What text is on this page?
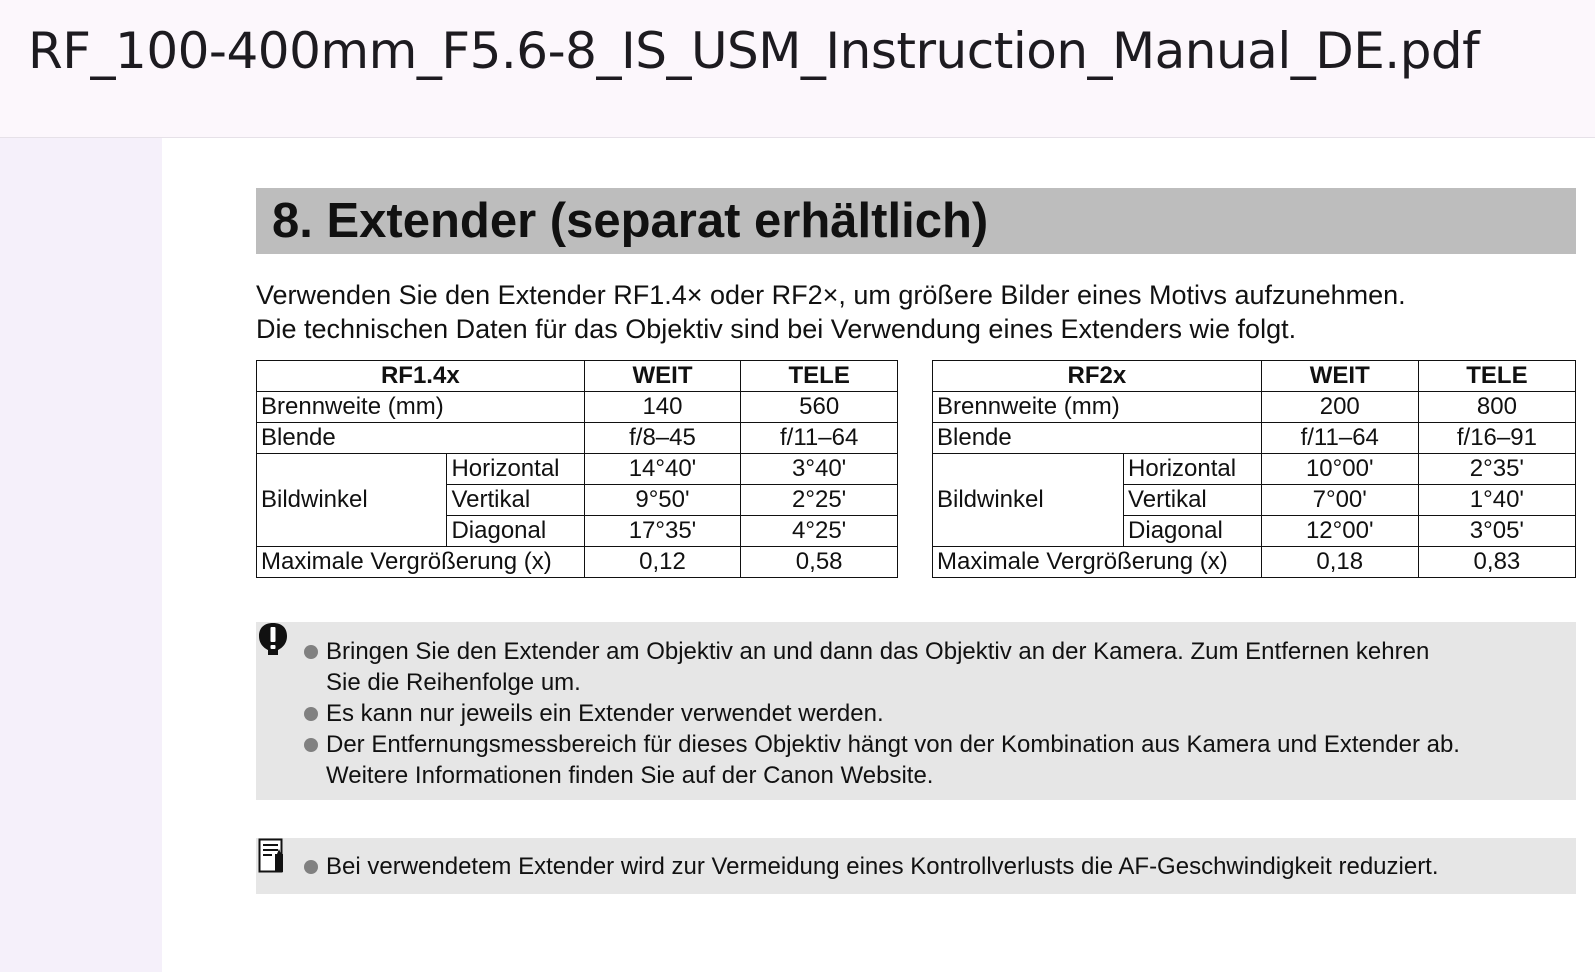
RF_100-400mm_F5.6-8_IS_USM_Instruction_Manual_DE.pdf
8. Extender (separat erhältlich)
Verwenden Sie den Extender RF1.4× oder RF2×, um größere Bilder eines Motivs aufzunehmen.
Die technischen Daten für das Objektiv sind bei Verwendung eines Extenders wie folgt.
RF1.4x		WEIT	TELE
Brennweite (mm)		140	560
Blende		f/8–45	f/11–64
Bildwinkel	Horizontal	14°40'	3°40'
	Vertikal	9°50'	2°25'
	Diagonal	17°35'	4°25'
Maximale Vergrößerung (x)		0,12	0,58
RF2x		WEIT	TELE
Brennweite (mm)		200	800
Blende		f/11–64	f/16–91
Bildwinkel	Horizontal	10°00'	2°35'
	Vertikal	7°00'	1°40'
	Diagonal	12°00'	3°05'
Maximale Vergrößerung (x)		0,18	0,83
Bringen Sie den Extender am Objektiv an und dann das Objektiv an der Kamera. Zum Entfernen kehren
Sie die Reihenfolge um.
Es kann nur jeweils ein Extender verwendet werden.
Der Entfernungsmessbereich für dieses Objektiv hängt von der Kombination aus Kamera und Extender ab.
Weitere Informationen finden Sie auf der Canon Website.
Bei verwendetem Extender wird zur Vermeidung eines Kontrollverlusts die AF-Geschwindigkeit reduziert.
